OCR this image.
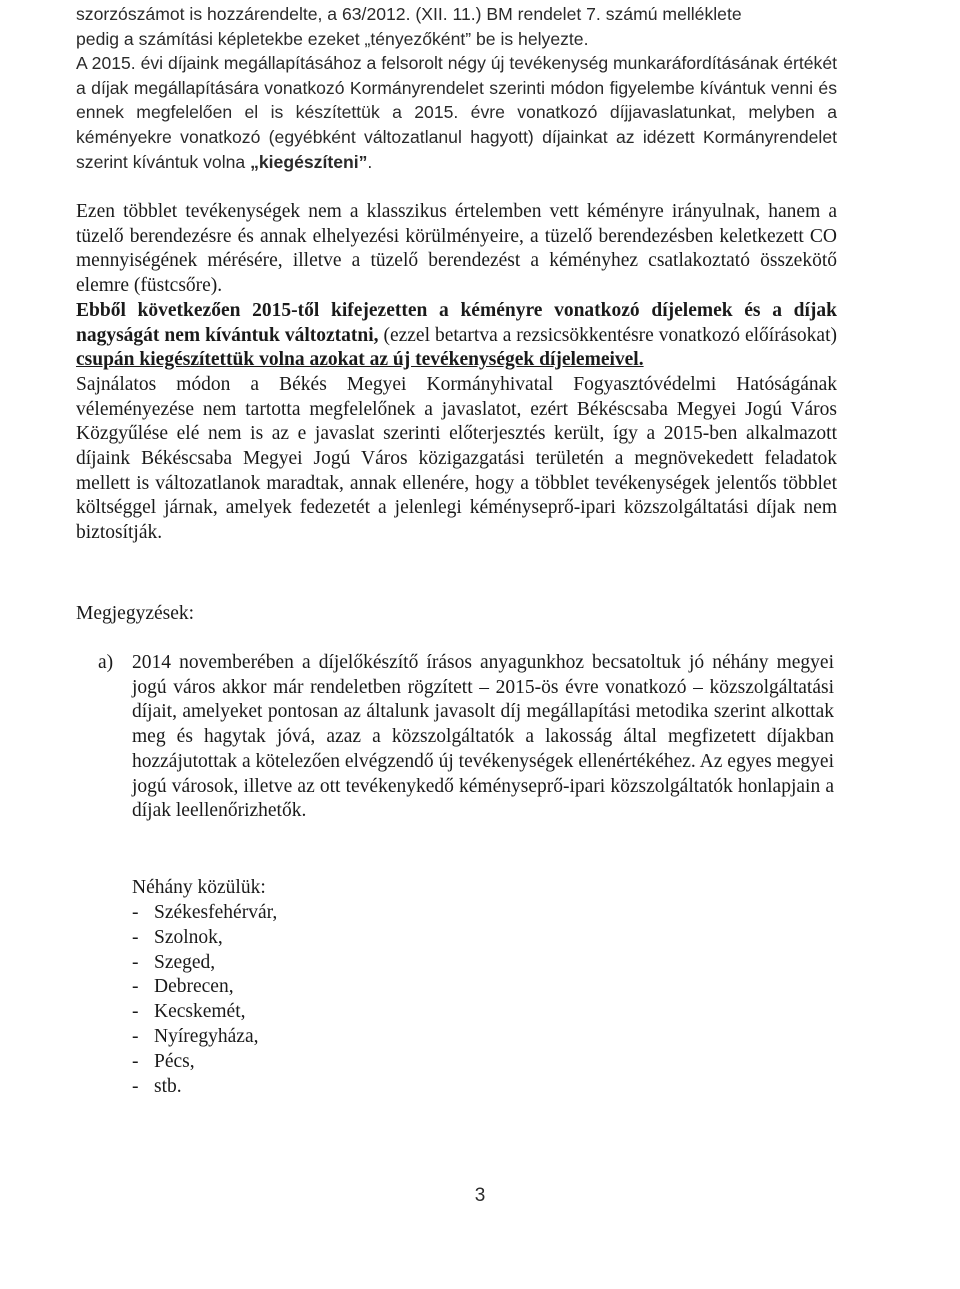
szorzószámot is hozzárendelte, a 63/2012. (XII. 11.) BM rendelet 7. számú melléklete

pedig a számítási képletekbe ezeket „tényezőként” be is helyezte.

A 2015. évi díjaink megállapításához a felsorolt négy új tevékenység munkaráfordításának értékét a díjak megállapítására vonatkozó Kormányrendelet szerinti módon figyelembe kívántuk venni és ennek megfelelően el is készítettük a 2015. évre vonatkozó díjjavaslatunkat, melyben a kéményekre vonatkozó (egyébként változatlanul hagyott) díjainkat az idézett Kormányrendelet szerint kívántuk volna „kiegészíteni”.

Ezen többlet tevékenységek nem a klasszikus értelemben vett kéményre irányulnak, hanem a tüzelő berendezésre és annak elhelyezési körülményeire, a tüzelő berendezésben keletkezett CO mennyiségének mérésére, illetve a tüzelő berendezést a kéményhez csatlakoztató összekötő elemre (füstcsőre).

Ebből következően 2015-től kifejezetten a kéményre vonatkozó díjelemek és a díjak nagyságát nem kívántuk változtatni, (ezzel betartva a rezsicsökkentésre vonatkozó előírásokat) csupán kiegészítettük volna azokat az új tevékenységek díjelemeivel.

Sajnálatos módon a Békés Megyei Kormányhivatal Fogyasztóvédelmi Hatóságának véleményezése nem tartotta megfelelőnek a javaslatot, ezért Békéscsaba Megyei Jogú Város Közgyűlése elé nem is az e javaslat szerinti előterjesztés került, így a 2015-ben alkalmazott díjaink Békéscsaba Megyei Jogú Város közigazgatási területén a megnövekedett feladatok mellett is változatlanok maradtak, annak ellenére, hogy a többlet tevékenységek jelentős többlet költséggel járnak, amelyek fedezetét a jelenlegi kéményseprő-ipari közszolgáltatási díjak nem biztosítják.

Megjegyzések:
a) 2014 novemberében a díjelőkészítő írásos anyagunkhoz becsatoltuk jó néhány megyei jogú város akkor már rendeletben rögzített – 2015-ös évre vonatkozó – közszolgáltatási díjait, amelyeket pontosan az általunk javasolt díj megállapítási metodika szerint alkottak meg és hagytak jóvá, azaz a közszolgáltatók a lakosság által megfizetett díjakban hozzájutottak a kötelezően elvégzendő új tevékenységek ellenértékéhez. Az egyes megyei jogú városok, illetve az ott tevékenykedő kéményseprő-ipari közszolgáltatók honlapjain a díjak leellenőrizhetők.

Néhány közülük:
- Székesfehérvár,
- Szolnok,
- Szeged,
- Debrecen,
- Kecskemét,
- Nyíregyháza,
- Pécs,
- stb.
3
